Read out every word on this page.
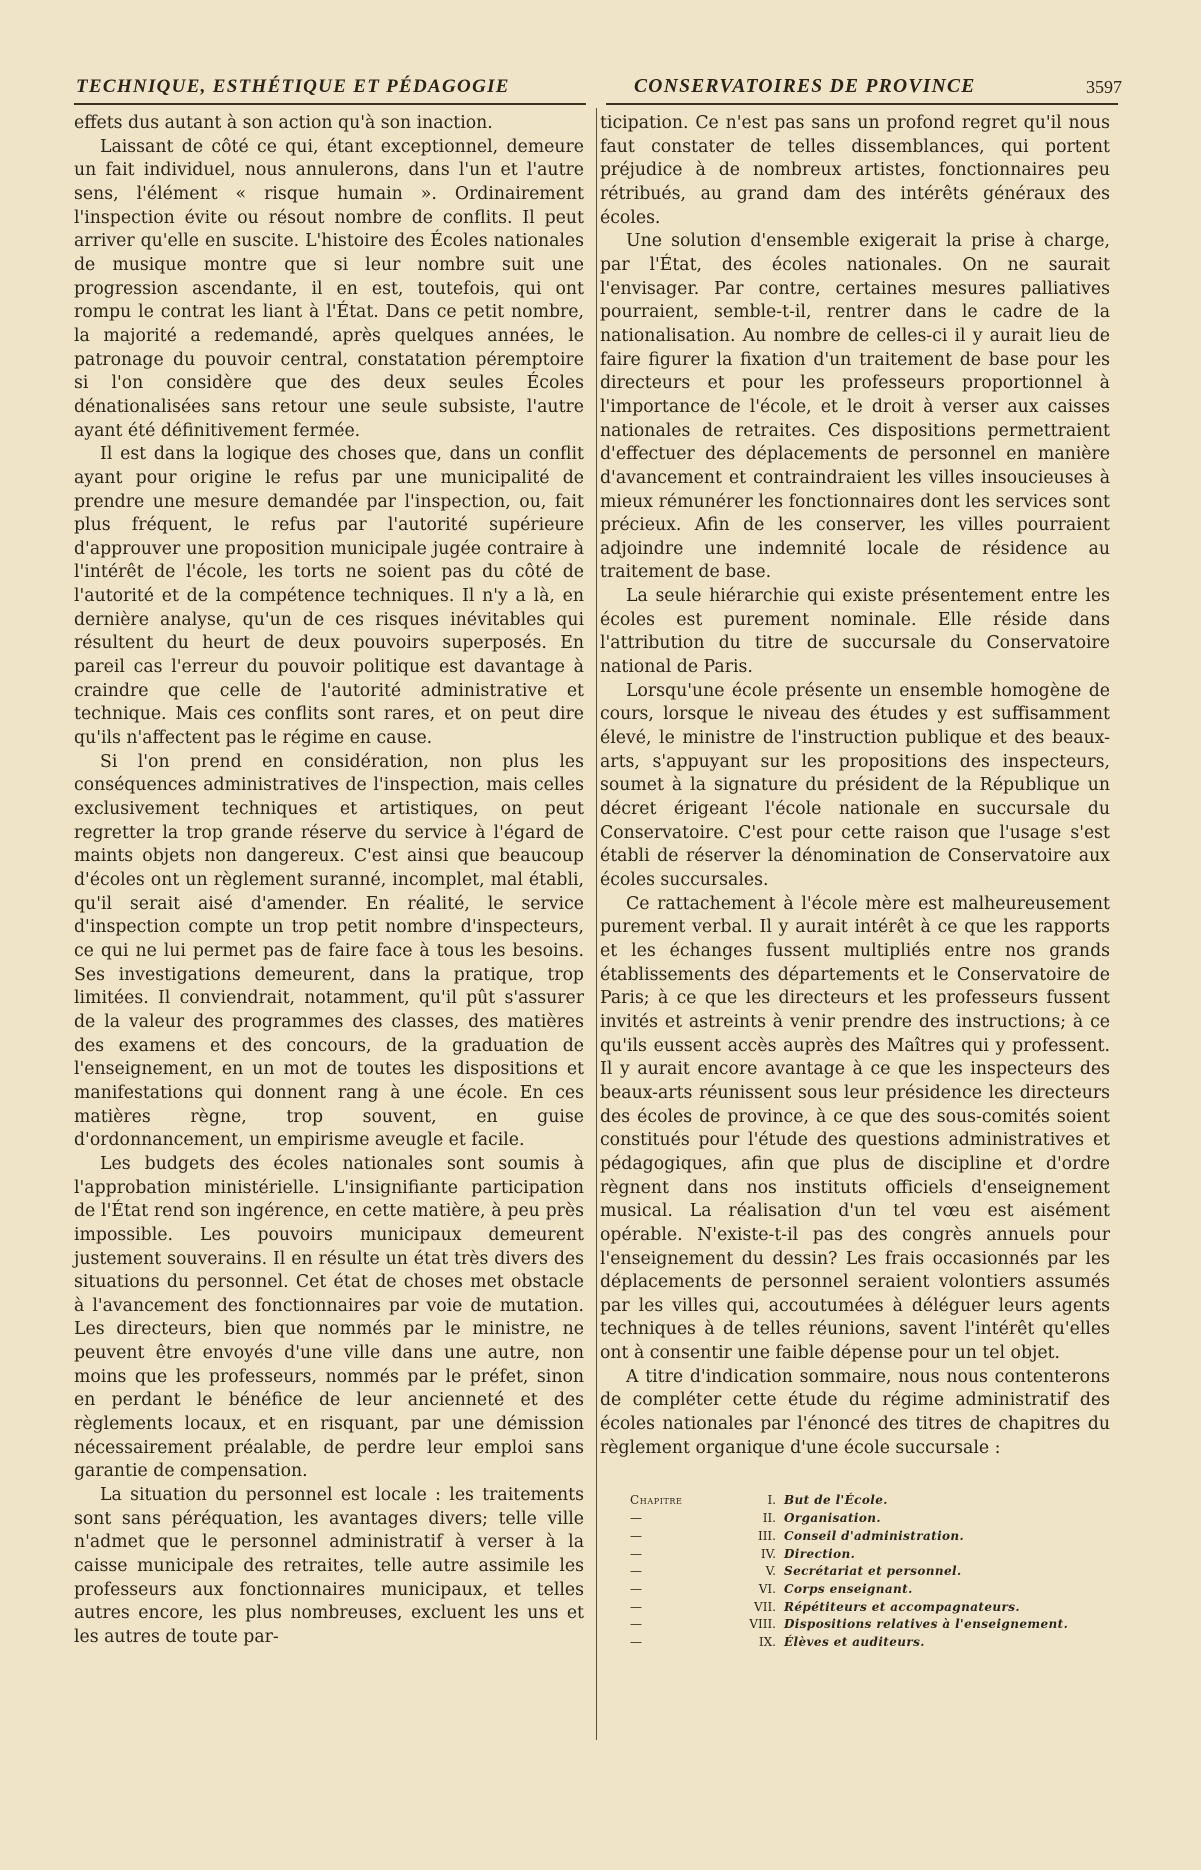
TECHNIQUE, ESTHÉTIQUE ET PÉDAGOGIE	CONSERVATOIRES DE PROVINCE	3597

effets dus autant à son action qu'à son inaction.

Laissant de côté ce qui, étant exceptionnel, demeure un fait individuel, nous annulerons, dans l'un et l'autre sens, l'élément « risque humain ». Ordinairement l'inspection évite ou résout nombre de conflits. Il peut arriver qu'elle en suscite. L'histoire des Écoles nationales de musique montre que si leur nombre suit une progression ascendante, il en est, toutefois, qui ont rompu le contrat les liant à l'État. Dans ce petit nombre, la majorité a redemandé, après quelques années, le patronage du pouvoir central, constatation péremptoire si l'on considère que des deux seules Écoles dénationalisées sans retour une seule subsiste, l'autre ayant été définitivement fermée.

Il est dans la logique des choses que, dans un conflit ayant pour origine le refus par une municipalité de prendre une mesure demandée par l'inspection, ou, fait plus fréquent, le refus par l'autorité supérieure d'approuver une proposition municipale jugée contraire à l'intérêt de l'école, les torts ne soient pas du côté de l'autorité et de la compétence techniques. Il n'y a là, en dernière analyse, qu'un de ces risques inévitables qui résultent du heurt de deux pouvoirs superposés. En pareil cas l'erreur du pouvoir politique est davantage à craindre que celle de l'autorité administrative et technique. Mais ces conflits sont rares, et on peut dire qu'ils n'affectent pas le régime en cause.

Si l'on prend en considération, non plus les conséquences administratives de l'inspection, mais celles exclusivement techniques et artistiques, on peut regretter la trop grande réserve du service à l'égard de maints objets non dangereux. C'est ainsi que beaucoup d'écoles ont un règlement suranné, incomplet, mal établi, qu'il serait aisé d'amender. En réalité, le service d'inspection compte un trop petit nombre d'inspecteurs, ce qui ne lui permet pas de faire face à tous les besoins. Ses investigations demeurent, dans la pratique, trop limitées. Il conviendrait, notamment, qu'il pût s'assurer de la valeur des programmes des classes, des matières des examens et des concours, de la graduation de l'enseignement, en un mot de toutes les dispositions et manifestations qui donnent rang à une école. En ces matières règne, trop souvent, en guise d'ordonnancement, un empirisme aveugle et facile.

Les budgets des écoles nationales sont soumis à l'approbation ministérielle. L'insignifiante participation de l'État rend son ingérence, en cette matière, à peu près impossible. Les pouvoirs municipaux demeurent justement souverains. Il en résulte un état très divers des situations du personnel. Cet état de choses met obstacle à l'avancement des fonctionnaires par voie de mutation. Les directeurs, bien que nommés par le ministre, ne peuvent être envoyés d'une ville dans une autre, non moins que les professeurs, nommés par le préfet, sinon en perdant le bénéfice de leur ancienneté et des règlements locaux, et en risquant, par une démission nécessairement préalable, de perdre leur emploi sans garantie de compensation.

La situation du personnel est locale : les traitements sont sans péréquation, les avantages divers; telle ville n'admet que le personnel administratif à verser à la caisse municipale des retraites, telle autre assimile les professeurs aux fonctionnaires municipaux, et telles autres encore, les plus nombreuses, excluent les uns et les autres de toute par-

ticipation. Ce n'est pas sans un profond regret qu'il nous faut constater de telles dissemblances, qui portent préjudice à de nombreux artistes, fonctionnaires peu rétribués, au grand dam des intérêts généraux des écoles.

Une solution d'ensemble exigerait la prise à charge, par l'État, des écoles nationales. On ne saurait l'envisager. Par contre, certaines mesures palliatives pourraient, semble-t-il, rentrer dans le cadre de la nationalisation. Au nombre de celles-ci il y aurait lieu de faire figurer la fixation d'un traitement de base pour les directeurs et pour les professeurs proportionnel à l'importance de l'école, et le droit à verser aux caisses nationales de retraites. Ces dispositions permettraient d'effectuer des déplacements de personnel en manière d'avancement et contraindraient les villes insoucieuses à mieux rémunérer les fonctionnaires dont les services sont précieux. Afin de les conserver, les villes pourraient adjoindre une indemnité locale de résidence au traitement de base.

La seule hiérarchie qui existe présentement entre les écoles est purement nominale. Elle réside dans l'attribution du titre de succursale du Conservatoire national de Paris.

Lorsqu'une école présente un ensemble homogène de cours, lorsque le niveau des études y est suffisamment élevé, le ministre de l'instruction publique et des beaux-arts, s'appuyant sur les propositions des inspecteurs, soumet à la signature du président de la République un décret érigeant l'école nationale en succursale du Conservatoire. C'est pour cette raison que l'usage s'est établi de réserver la dénomination de Conservatoire aux écoles succursales.

Ce rattachement à l'école mère est malheureusement purement verbal. Il y aurait intérêt à ce que les rapports et les échanges fussent multipliés entre nos grands établissements des départements et le Conservatoire de Paris; à ce que les directeurs et les professeurs fussent invités et astreints à venir prendre des instructions; à ce qu'ils eussent accès auprès des Maîtres qui y professent. Il y aurait encore avantage à ce que les inspecteurs des beaux-arts réunissent sous leur présidence les directeurs des écoles de province, à ce que des sous-comités soient constitués pour l'étude des questions administratives et pédagogiques, afin que plus de discipline et d'ordre règnent dans nos instituts officiels d'enseignement musical. La réalisation d'un tel vœu est aisément opérable. N'existe-t-il pas des congrès annuels pour l'enseignement du dessin? Les frais occasionnés par les déplacements de personnel seraient volontiers assumés par les villes qui, accoutumées à déléguer leurs agents techniques à de telles réunions, savent l'intérêt qu'elles ont à consentir une faible dépense pour un tel objet.

A titre d'indication sommaire, nous nous contenterons de compléter cette étude du régime administratif des écoles nationales par l'énoncé des titres de chapitres du règlement organique d'une école succursale :

Chapitre	I. But de l'École.
—	II. Organisation.
—	III. Conseil d'administration.
—	IV. Direction.
—	V. Secrétariat et personnel.
—	VI. Corps enseignant.
—	VII. Répétiteurs et accompagnateurs.
—	VIII. Dispositions relatives à l'enseignement.
—	IX. Élèves et auditeurs.
